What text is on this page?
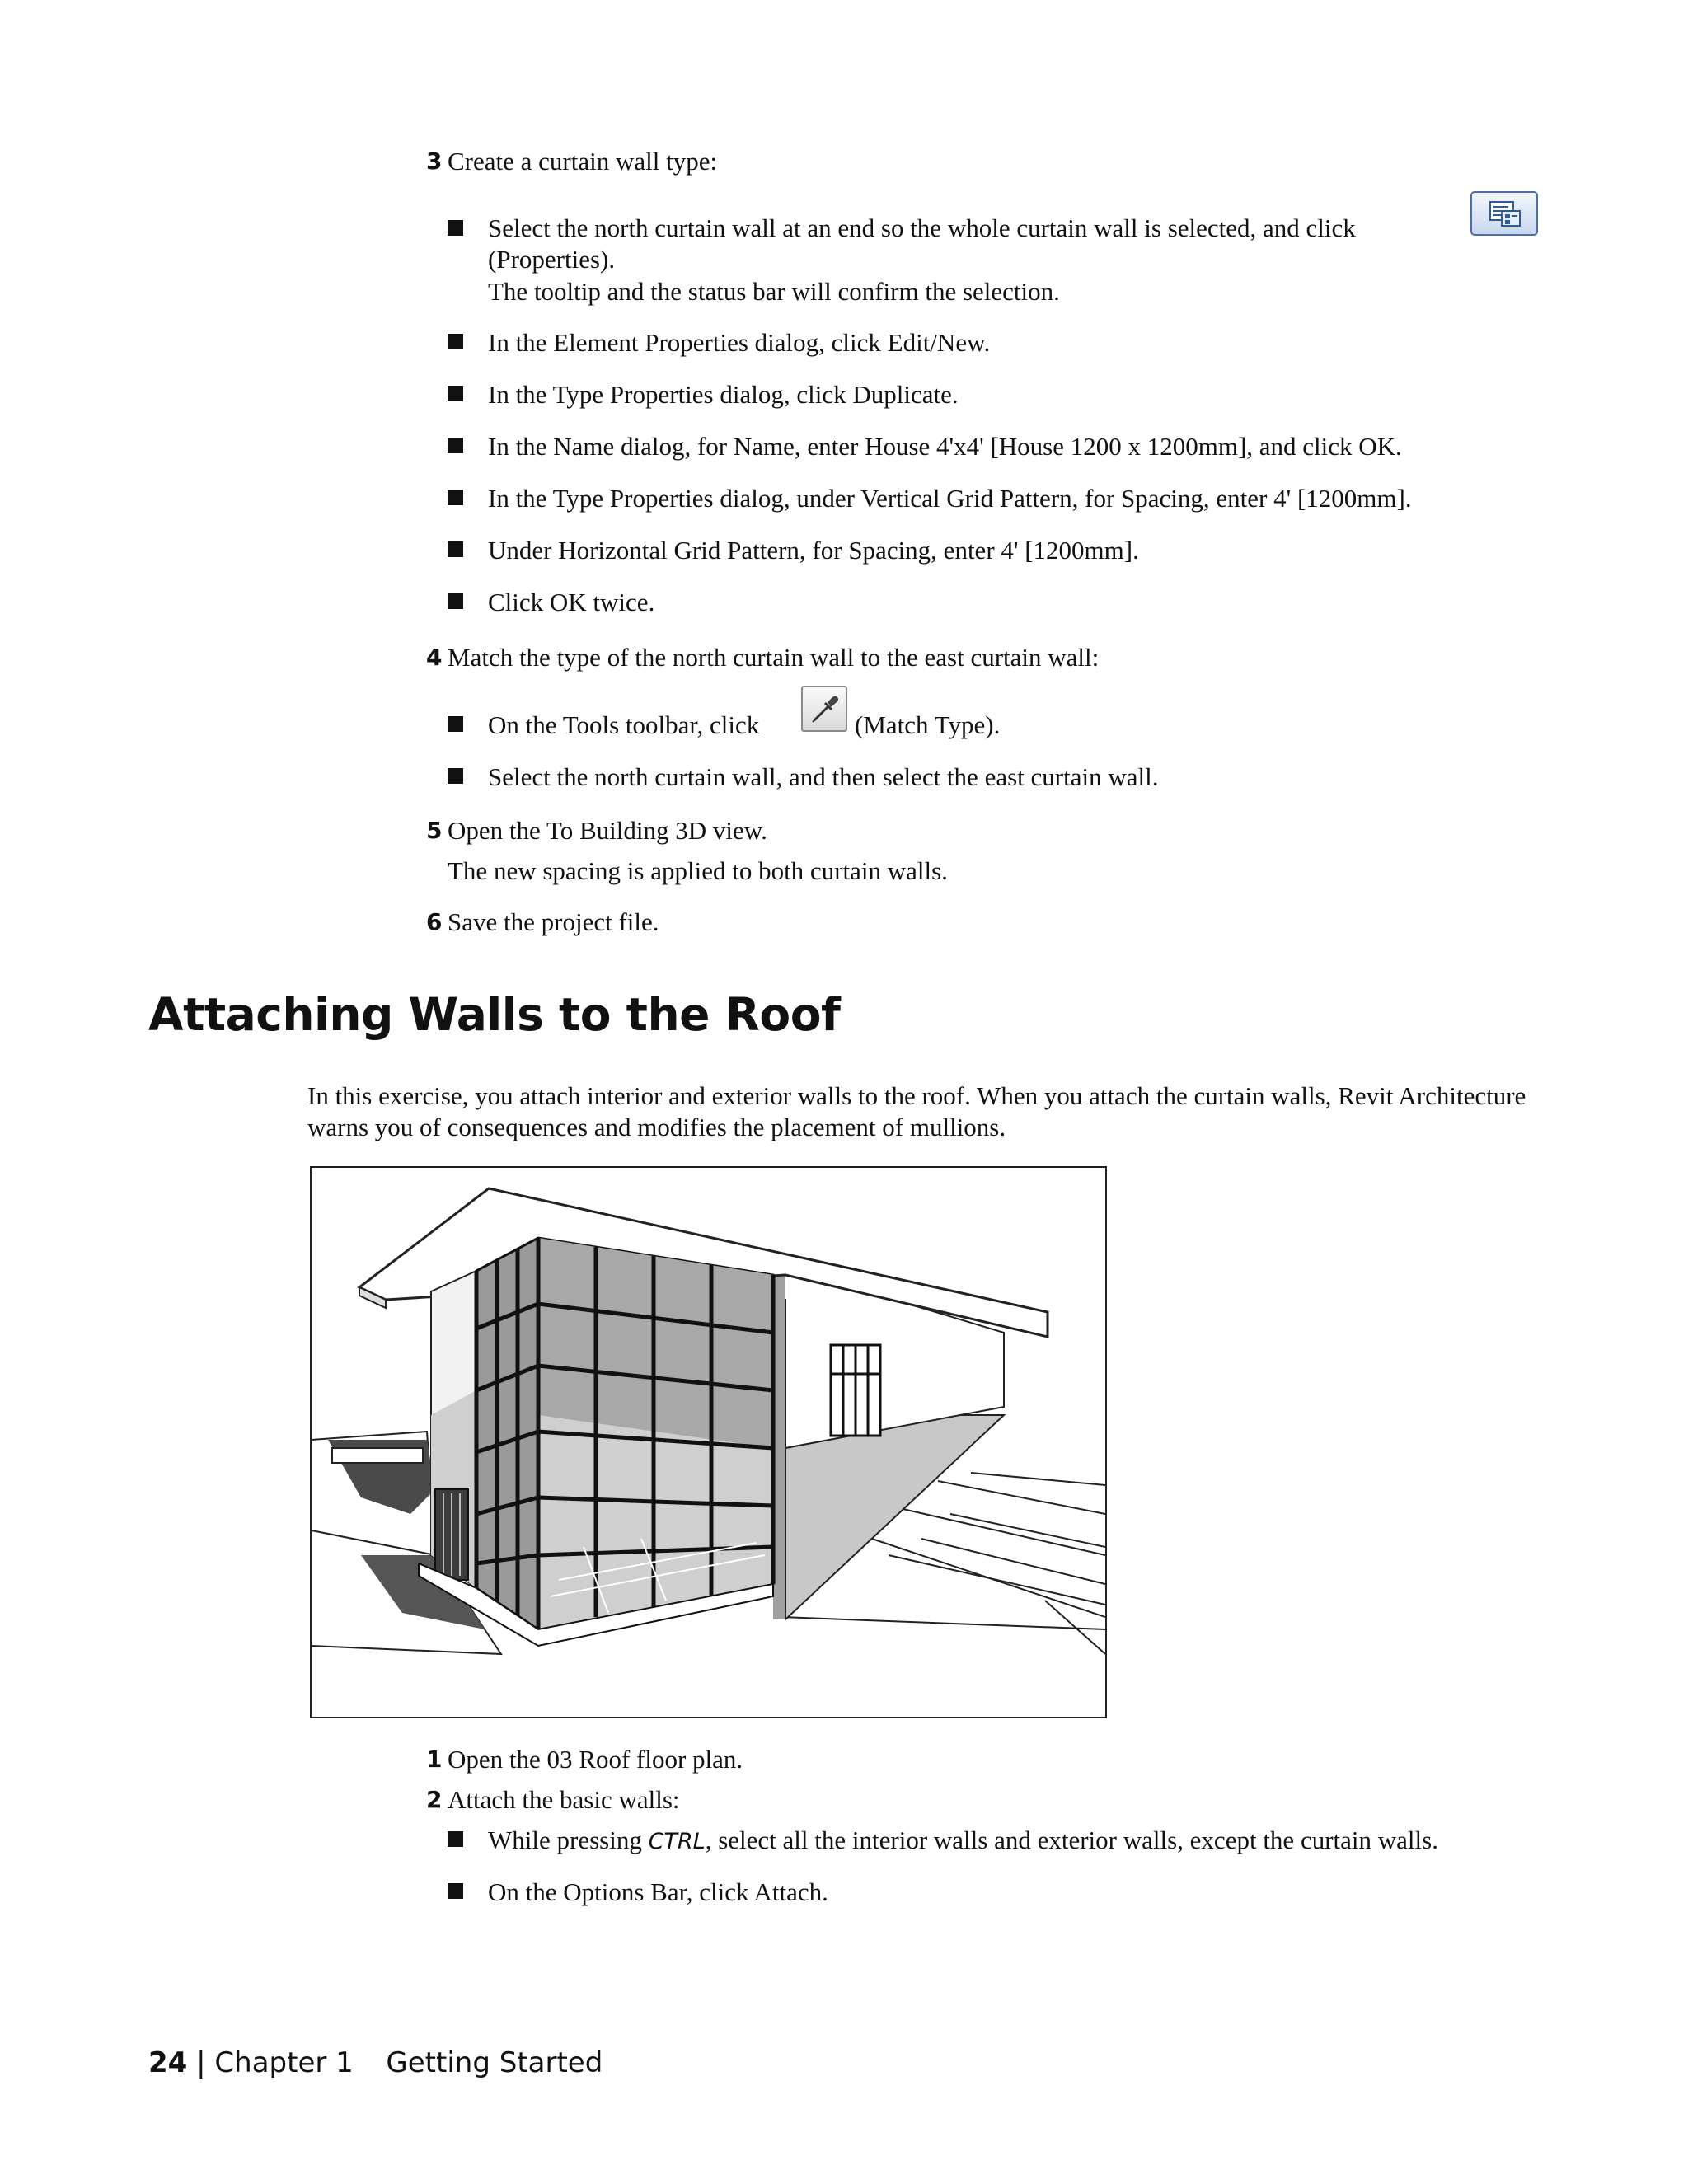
3 Create a curtain wall type:
Select the north curtain wall at an end so the whole curtain wall is selected, and click
(Properties).
The tooltip and the status bar will confirm the selection.
In the Element Properties dialog, click Edit/New.
In the Type Properties dialog, click Duplicate.
In the Name dialog, for Name, enter House 4'x4' [House 1200 x 1200mm], and click OK.
In the Type Properties dialog, under Vertical Grid Pattern, for Spacing, enter 4' [1200mm].
Under Horizontal Grid Pattern, for Spacing, enter 4' [1200mm].
Click OK twice.
4 Match the type of the north curtain wall to the east curtain wall:
On the Tools toolbar, click	(Match Type).
Select the north curtain wall, and then select the east curtain wall.
5 Open the To Building 3D view.
The new spacing is applied to both curtain walls.
6 Save the project file.
Attaching Walls to the Roof
In this exercise, you attach interior and exterior walls to the roof. When you attach the curtain walls, Revit Architecture warns you of consequences and modifies the placement of mullions.
1 Open the 03 Roof floor plan.
2 Attach the basic walls:
While pressing CTRL, select all the interior walls and exterior walls, except the curtain walls.
On the Options Bar, click Attach.
24 | Chapter 1 Getting Started
